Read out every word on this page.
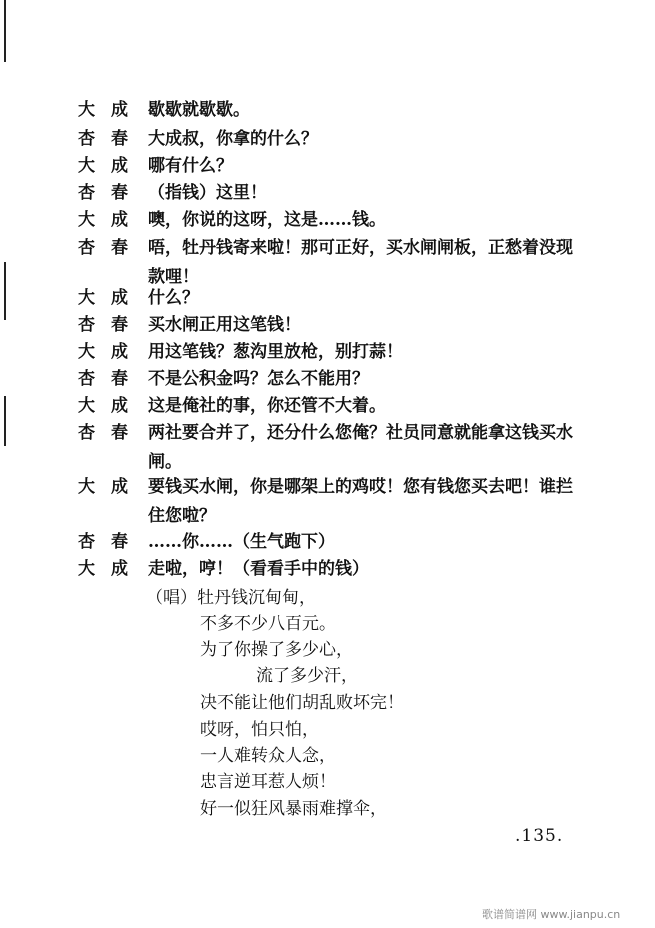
大成 歇歇就歇歇。
杏春 大成叔，你拿的什么？
大成 哪有什么？
杏春 （指钱）这里！
大成 噢，你说的这呀，这是……钱。
杏春 唔，牡丹钱寄来啦！那可正好，买水闸闸板，正愁着没现款哩！
大成 什么？
杏春 买水闸正用这笔钱！
大成 用这笔钱？葱沟里放枪，别打蒜！
杏春 不是公积金吗？怎么不能用？
大成 这是俺社的事，你还管不大着。
杏春 两社要合并了，还分什么您俺？社员同意就能拿这钱买水闸。
大成 要钱买水闸，你是哪架上的鸡哎！您有钱您买去吧！谁拦住您啦？
杏春 ……你……（生气跑下）
大成 走啦，哼！（看看手中的钱）
（唱）牡丹钱沉甸甸，
不多不少八百元。
为了你操了多少心，
流了多少汗，
决不能让他们胡乱败坏完！
哎呀，怕只怕，
一人难转众人念，
忠言逆耳惹人烦！
好一似狂风暴雨难撑伞，
.135.
歌谱简谱网 www.jianpu.cn
